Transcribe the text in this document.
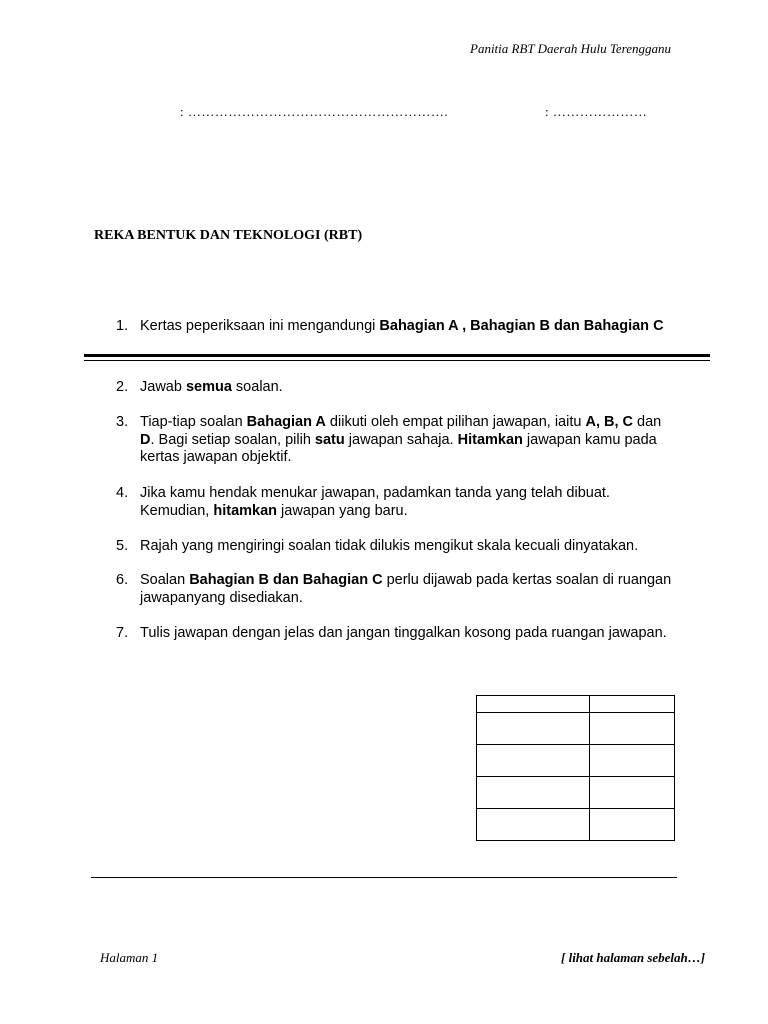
Panitia RBT Daerah Hulu Terengganu
: ………………………………………………….	: …………………
REKA BENTUK DAN TEKNOLOGI (RBT)
1. Kertas peperiksaan ini mengandungi Bahagian A , Bahagian B dan Bahagian C
2. Jawab semua soalan.
3. Tiap-tiap soalan Bahagian A diikuti oleh empat pilihan jawapan, iaitu A, B, C dan D. Bagi setiap soalan, pilih satu jawapan sahaja. Hitamkan jawapan kamu pada kertas jawapan objektif.
4. Jika kamu hendak menukar jawapan, padamkan tanda yang telah dibuat. Kemudian, hitamkan jawapan yang baru.
5. Rajah yang mengiringi soalan tidak dilukis mengikut skala kecuali dinyatakan.
6. Soalan Bahagian B dan Bahagian C perlu dijawab pada kertas soalan di ruangan jawapanyang disediakan.
7. Tulis jawapan dengan jelas dan jangan tinggalkan kosong pada ruangan jawapan.

Halaman 1	[ lihat halaman sebelah…]
